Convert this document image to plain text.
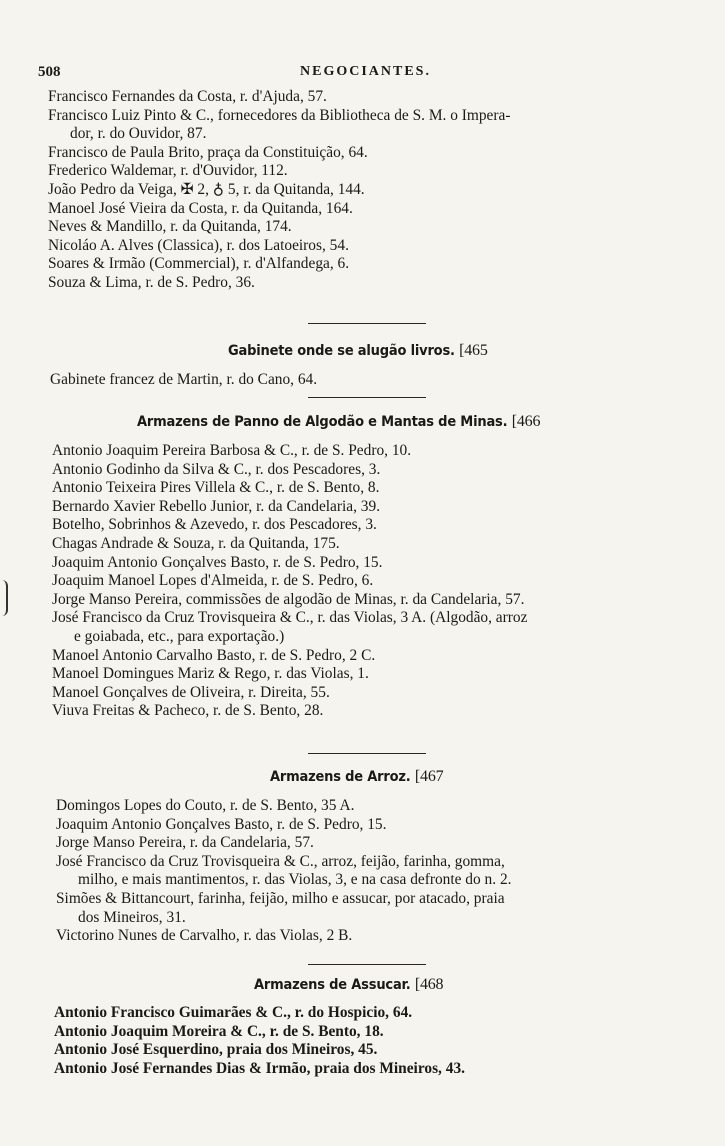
508	NEGOCIANTES.

Francisco Fernandes da Costa, r. d'Ajuda, 57.

Francisco Luiz Pinto & C., fornecedores da Bibliotheca de S. M. o Impera-
dor, r. do Ouvidor, 87.

Francisco de Paula Brito, praça da Constituição, 64.

Frederico Waldemar, r. d'Ouvidor, 112.

João Pedro da Veiga, ✠ 2, ♁ 5, r. da Quitanda, 144.

Manoel José Vieira da Costa, r. da Quitanda, 164.

Neves & Mandillo, r. da Quitanda, 174.

Nicoláo A. Alves (Classica), r. dos Latoeiros, 54.

Soares & Irmão (Commercial), r. d'Alfandega, 6.

Souza & Lima, r. de S. Pedro, 36.

Gabinete onde se alugão livros. [465

Gabinete francez de Martin, r. do Cano, 64.

Armazens de Panno de Algodão e Mantas de Minas. [466

Antonio Joaquim Pereira Barbosa & C., r. de S. Pedro, 10.

Antonio Godinho da Silva & C., r. dos Pescadores, 3.

Antonio Teixeira Pires Villela & C., r. de S. Bento, 8.

Bernardo Xavier Rebello Junior, r. da Candelaria, 39.

Botelho, Sobrinhos & Azevedo, r. dos Pescadores, 3.

Chagas Andrade & Souza, r. da Quitanda, 175.

Joaquim Antonio Gonçalves Basto, r. de S. Pedro, 15.

Joaquim Manoel Lopes d'Almeida, r. de S. Pedro, 6.

Jorge Manso Pereira, commissões de algodão de Minas, r. da Candelaria, 57.

José Francisco da Cruz Trovisqueira & C., r. das Violas, 3 A. (Algodão, arroz
e goiabada, etc., para exportação.)

Manoel Antonio Carvalho Basto, r. de S. Pedro, 2 C.

Manoel Domingues Mariz & Rego, r. das Violas, 1.

Manoel Gonçalves de Oliveira, r. Direita, 55.

Viuva Freitas & Pacheco, r. de S. Bento, 28.

Armazens de Arroz. [467

Domingos Lopes do Couto, r. de S. Bento, 35 A.

Joaquim Antonio Gonçalves Basto, r. de S. Pedro, 15.

Jorge Manso Pereira, r. da Candelaria, 57.

José Francisco da Cruz Trovisqueira & C., arroz, feijão, farinha, gomma,
milho, e mais mantimentos, r. das Violas, 3, e na casa defronte do n. 2.

Simões & Bittancourt, farinha, feijão, milho e assucar, por atacado, praia
dos Mineiros, 31.

Victorino Nunes de Carvalho, r. das Violas, 2 B.

Armazens de Assucar. [468

Antonio Francisco Guimarães & C., r. do Hospicio, 64.

Antonio Joaquim Moreira & C., r. de S. Bento, 18.

Antonio José Esquerdino, praia dos Mineiros, 45.

Antonio José Fernandes Dias & Irmão, praia dos Mineiros, 43.
